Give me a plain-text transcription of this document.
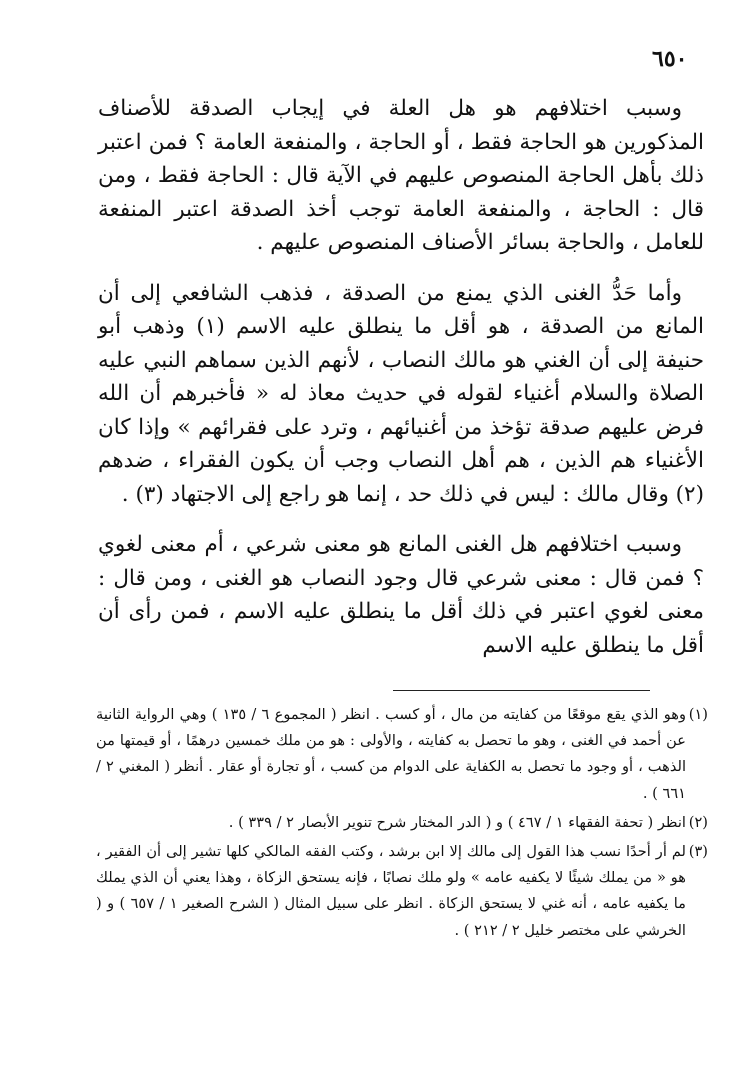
٦٥٠

وسبب اختلافهم هو هل العلة في إيجاب الصدقة للأصناف المذكورين هو الحاجة فقط ، أو الحاجة ، والمنفعة العامة ؟ فمن اعتبر ذلك بأهل الحاجة المنصوص عليهم في الآية قال : الحاجة فقط ، ومن قال : الحاجة ، والمنفعة العامة توجب أخذ الصدقة اعتبر المنفعة للعامل ، والحاجة بسائر الأصناف المنصوص عليهم .

وأما حَدُّ الغنى الذي يمنع من الصدقة ، فذهب الشافعي إلى أن المانع من الصدقة ، هو أقل ما ينطلق عليه الاسم (١) وذهب أبو حنيفة إلى أن الغني هو مالك النصاب ، لأنهم الذين سماهم النبي عليه الصلاة والسلام أغنياء لقوله في حديث معاذ له « فأخبرهم أن الله فرض عليهم صدقة تؤخذ من أغنيائهم ، وترد على فقرائهم » وإذا كان الأغنياء هم الذين ، هم أهل النصاب وجب أن يكون الفقراء ، ضدهم (٢) وقال مالك : ليس في ذلك حد ، إنما هو راجع إلى الاجتهاد (٣) .

وسبب اختلافهم هل الغنى المانع هو معنى شرعي ، أم معنى لغوي ؟ فمن قال : معنى شرعي قال وجود النصاب هو الغنى ، ومن قال : معنى لغوي اعتبر في ذلك أقل ما ينطلق عليه الاسم ، فمن رأى أن أقل ما ينطلق عليه الاسم

(١)
وهو الذي يقع موقعًا من كفايته من مال ، أو كسب . انظر ( المجموع ٦ / ١٣٥ ) وهي الرواية الثانية عن أحمد في الغنى ، وهو ما تحصل به كفايته ، والأولى : هو من ملك خمسين درهمًا ، أو قيمتها من الذهب ، أو وجود ما تحصل به الكفاية على الدوام من كسب ، أو تجارة أو عقار . أنظر ( المغني ٢ / ٦٦١ ) .

(٢)
انظر ( تحفة الفقهاء ١ / ٤٦٧ ) و ( الدر المختار شرح تنوير الأبصار ٢ / ٣٣٩ ) .

(٣)
لم أر أحدًا نسب هذا القول إلى مالك إلا ابن برشد ، وكتب الفقه المالكي كلها تشير إلى أن الفقير ، هو « من يملك شيئًا لا يكفيه عامه » ولو ملك نصابًا ، فإنه يستحق الزكاة ، وهذا يعني أن الذي يملك ما يكفيه عامه ، أنه غني لا يستحق الزكاة . انظر على سبيل المثال ( الشرح الصغير ١ / ٦٥٧ ) و ( الخرشي على مختصر خليل ٢ / ٢١٢ ) .
